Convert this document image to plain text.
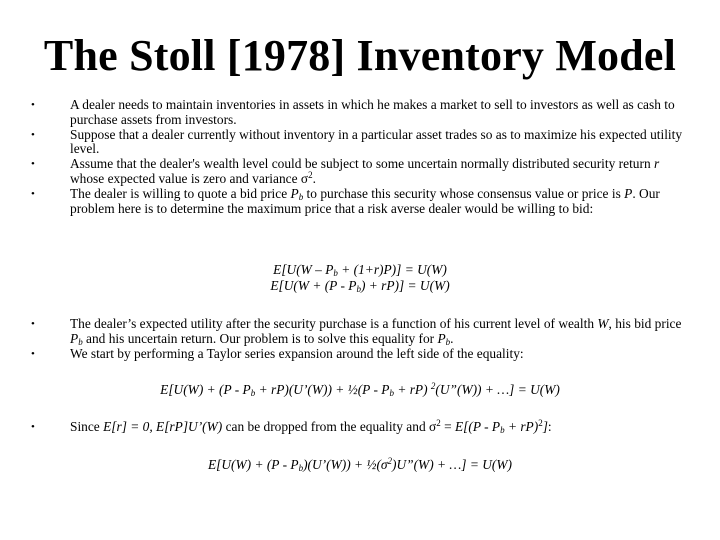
The Stoll [1978] Inventory Model
•	A dealer needs to maintain inventories in assets in which he makes a market to sell to investors as well as cash to purchase assets from investors.
•	Suppose that a dealer currently without inventory in a particular asset trades so as to maximize his expected utility level.
•	Assume that the dealer's wealth level could be subject to some uncertain normally distributed security return r whose expected value is zero and variance $\sigma^2$.
•	The dealer is willing to quote a bid price $P_b$ to purchase this security whose consensus value or price is P. Our problem here is to determine the maximum price that a risk averse dealer would be willing to bid:
$E[U(W - P_b + (1+r)P)] = U(W)$
$E[U(W + (P - P_b) + rP)] = U(W)$
•	The dealer’s expected utility after the security purchase is a function of his current level of wealth W, his bid price $P_b$ and his uncertain return. Our problem is to solve this equality for $P_b$.
•	We start by performing a Taylor series expansion around the left side of the equality:
$E[U(W) + (P - P_b$ + rP)(U’(W)) + ½(P - $P_b + rP$) $^2$(U”(W)) + …] = U(W)
•	Since E[r] = 0, E[rP]U’(W) can be dropped from the equality and $\sigma^2 = E[(P - P_b + rP)^2]$:
$E[U(W) + (P - P_b)(U’(W))$ + $\frac{1}{2}(\sigma^2)U”(W)$ + …] = U(W)
